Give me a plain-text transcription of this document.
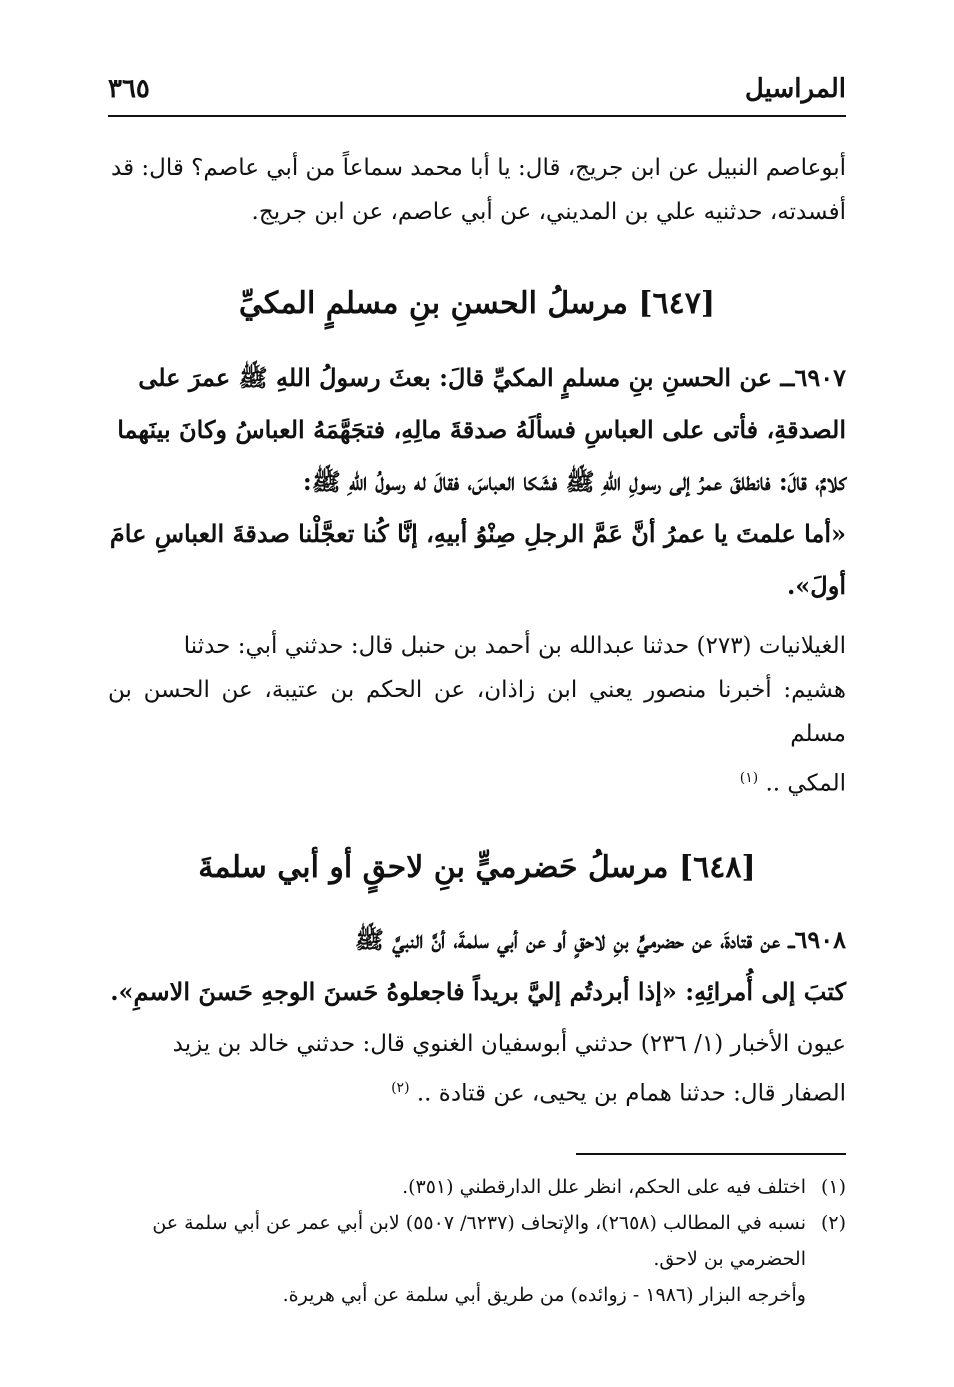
المراسيل
٣٦٥

أبوعاصم النبيل عن ابن جريج، قال: يا أبا محمد سماعاً من أبي عاصم؟ قال: قد

أفسدته، حدثنيه علي بن المديني، عن أبي عاصم، عن ابن جريج.

[٦٤٧] مرسلُ الحسنِ بنِ مسلمٍ المكيِّ

٦٩٠٧ــ عن الحسنِ بنِ مسلمٍ المكيِّ قالَ: بعثَ رسولُ اللهِ ﷺ عمرَ على

الصدقةِ، فأتى على العباسِ فسألَهُ صدقةَ مالِهِ، فتجَهَّمَهُ العباسُ وكانَ بينَهما

كلامٌ، قالَ: فانطلقَ عمرُ إلى رسولِ اللهِ ﷺ فشَكا العباسَ، فقالَ له رسولُ اللهِ ﷺ:

«أما علمتَ يا عمرُ أنَّ عَمَّ الرجلِ صِنْوُ أبيهِ، إنَّا كُنا تعجَّلْنا صدقةَ العباسِ عامَ

أولَ».

الغيلانيات (٢٧٣) حدثنا عبدالله بن أحمد بن حنبل قال: حدثني أبي: حدثنا

هشيم: أخبرنا منصور يعني ابن زاذان، عن الحكم بن عتيبة، عن الحسن بن مسلم

المكي .. $^{(١)}$

[٦٤٨] مرسلُ حَضرميٍّ بنِ لاحقٍ أو أبي سلمةَ

٦٩٠٨ــ عن قتادةَ، عن حضرميٍّ بنِ لاحقٍ أو عن أبي سلمةَ، أنَّ النبيَّ ﷺ

كتبَ إلى أُمرائِهِ: «إذا أبردتُم إليَّ بريداً فاجعلوهُ حَسنَ الوجهِ حَسنَ الاسمِ».

عيون الأخبار (١/ ٢٣٦) حدثني أبوسفيان الغنوي قال: حدثني خالد بن يزيد

الصفار قال: حدثنا همام بن يحيى، عن قتادة .. $^{(٢)}$

(١)

اختلف فيه على الحكم، انظر علل الدارقطني (٣٥١).

(٢)

نسبه في المطالب (٢٦٥٨)، والإتحاف (٦٢٣٧/ ٥٥٠٧) لابن أبي عمر عن أبي سلمة عن

الحضرمي بن لاحق.

وأخرجه البزار (١٩٨٦ - زوائده) من طريق أبي سلمة عن أبي هريرة.
